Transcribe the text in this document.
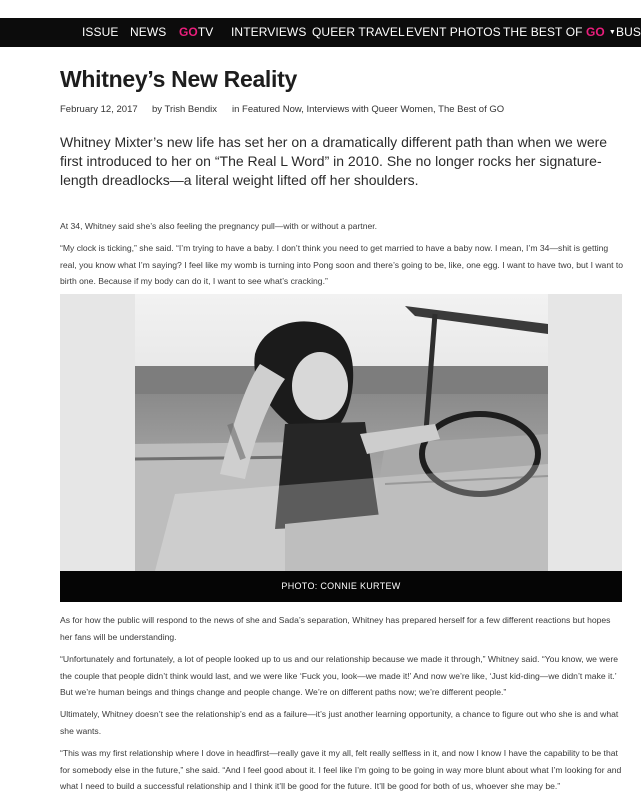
ISSUE NEWS GOTV INTERVIEWS QUEER TRAVEL EVENT PHOTOS THE BEST OF GO ▼ BUSI
Whitney’s New Reality
February 12, 2017 by Trish Bendix in Featured Now, Interviews with Queer Women, The Best of GO

Whitney Mixter’s new life has set her on a dramatically different path than when we were first introduced to her on “The Real L Word” in 2010. She no longer rocks her signature-length dreadlocks—a literal weight lifted off her shoulders.

At 34, Whitney said she’s also feeling the pregnancy pull—with or without a partner.

“My clock is ticking,” she said. “I’m trying to have a baby. I don’t think you need to get married to have a baby now. I mean, I’m 34—shit is getting real, you know what I’m saying? I feel like my womb is turning into Pong soon and there’s going to be, like, one egg. I want to have two, but I want to birth one. Because if my body can do it, I want to see what’s cracking.”

PHOTO: CONNIE KURTEW

As for how the public will respond to the news of she and Sada’s separation, Whitney has prepared herself for a few different reactions but hopes her fans will be understanding.

“Unfortunately and fortunately, a lot of people looked up to us and our relationship because we made it through,” Whitney said. “You know, we were the couple that people didn’t think would last, and we were like ‘Fuck you, look—we made it!’ And now we’re like, ‘Just kid-ding—we didn’t make it.’ But we’re human beings and things change and people change. We’re on different paths now; we’re different people.”

Ultimately, Whitney doesn’t see the relationship’s end as a failure—it’s just another learning opportunity, a chance to figure out who she is and what she wants.

“This was my first relationship where I dove in headfirst—really gave it my all, felt really selfless in it, and now I know I have the capability to be that for somebody else in the future,” she said. “And I feel good about it. I feel like I’m going to be going in way more blunt about what I’m looking for and what I need to build a successful relationship and I think it’ll be good for the future. It’ll be good for both of us, whoever she may be.”
